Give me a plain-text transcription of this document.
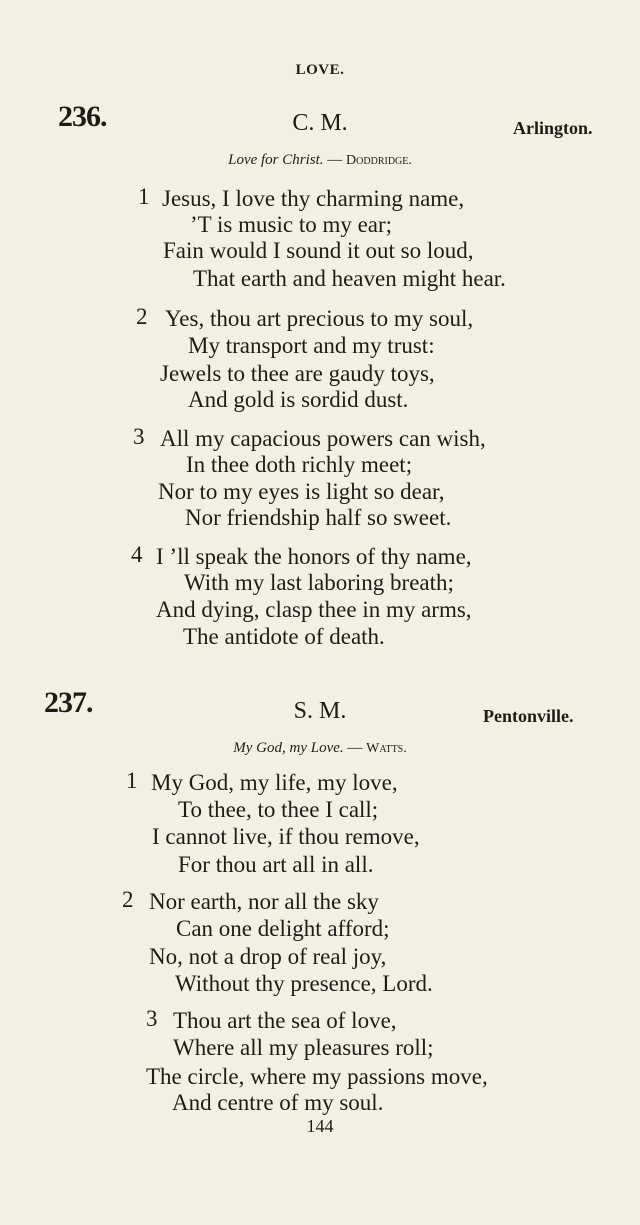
LOVE.
236.	C. M.	Arlington.
Love for Christ. — Doddridge.
1 Jesus, I love thy charming name,
’T is music to my ear;
Fain would I sound it out so loud,
That earth and heaven might hear.
2 Yes, thou art precious to my soul,
My transport and my trust:
Jewels to thee are gaudy toys,
And gold is sordid dust.
3 All my capacious powers can wish,
In thee doth richly meet;
Nor to my eyes is light so dear,
Nor friendship half so sweet.
4 I ’ll speak the honors of thy name,
With my last laboring breath;
And dying, clasp thee in my arms,
The antidote of death.
237.	S. M.	Pentonville.
My God, my Love. — Watts.
1 My God, my life, my love,
To thee, to thee I call;
I cannot live, if thou remove,
For thou art all in all.
2 Nor earth, nor all the sky
Can one delight afford;
No, not a drop of real joy,
Without thy presence, Lord.
3 Thou art the sea of love,
Where all my pleasures roll;
The circle, where my passions move,
And centre of my soul.
144
